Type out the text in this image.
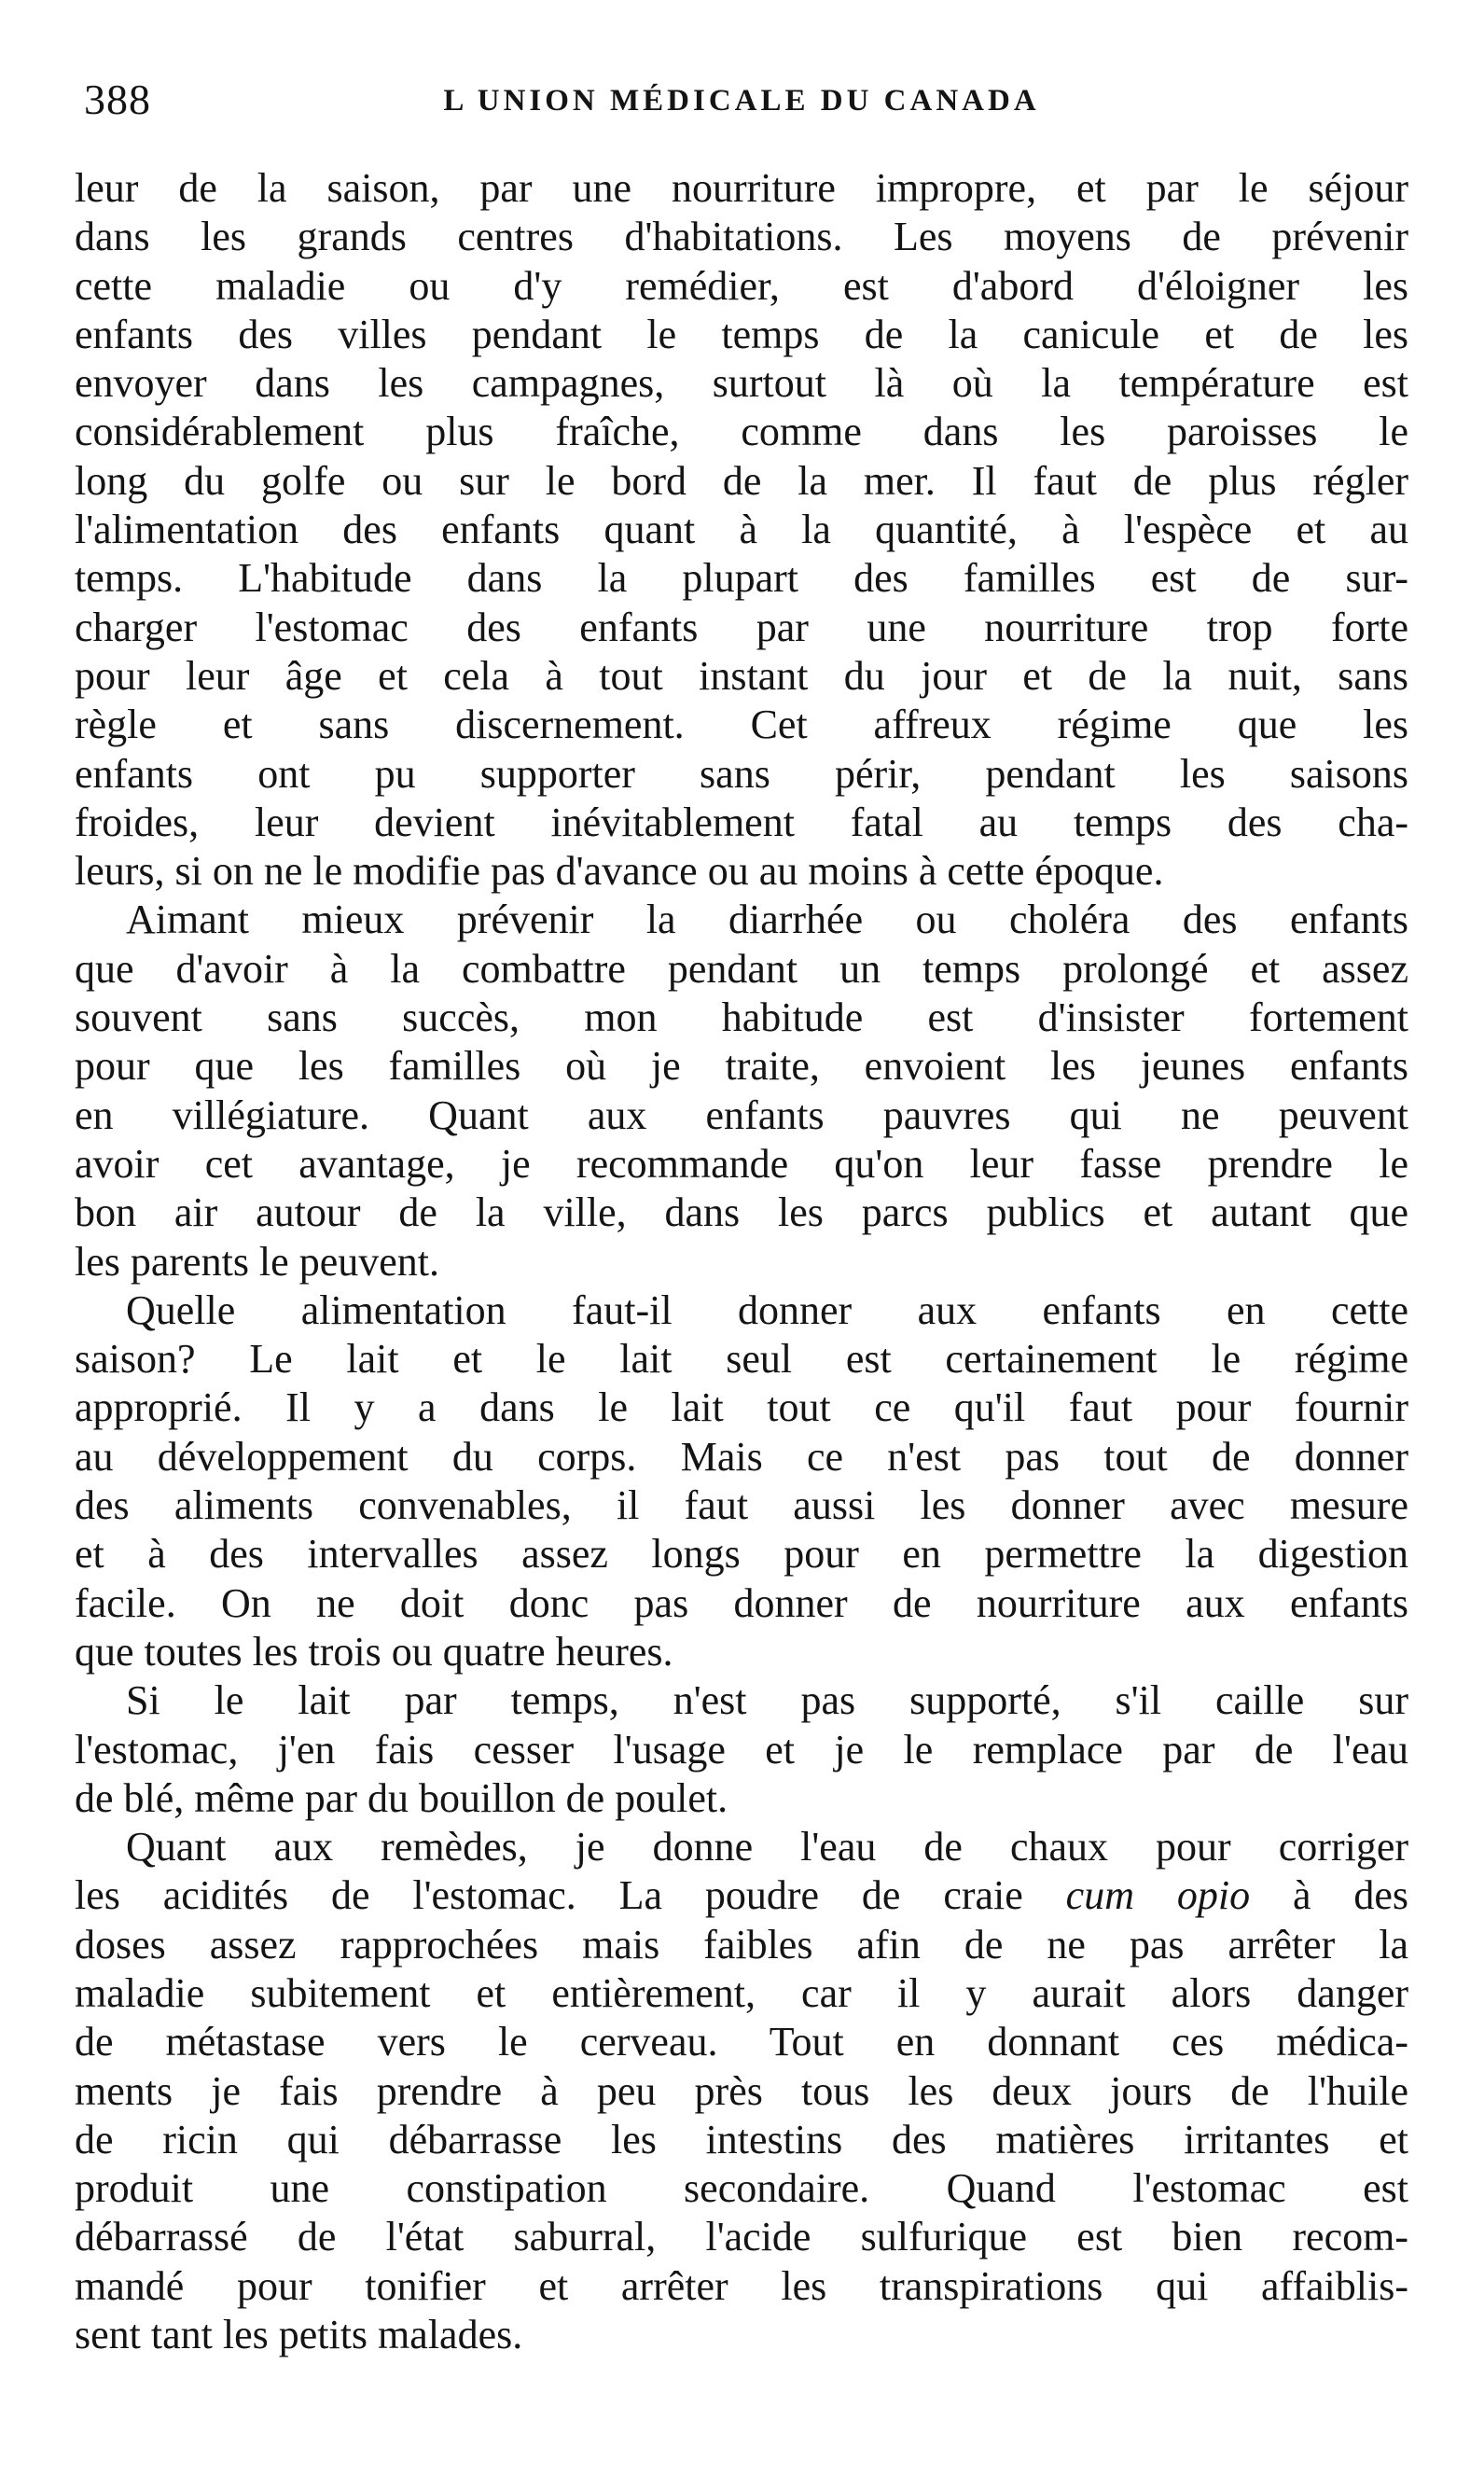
388	L UNION MÉDICALE DU CANADA
leur de la saison, par une nourriture impropre, et par le séjour
dans les grands centres d'habitations. Les moyens de prévenir
cette maladie ou d'y remédier, est d'abord d'éloigner les
enfants des villes pendant le temps de la canicule et de les
envoyer dans les campagnes, surtout là où la température est
considérablement plus fraîche, comme dans les paroisses le
long du golfe ou sur le bord de la mer. Il faut de plus régler
l'alimentation des enfants quant à la quantité, à l'espèce et au
temps. L'habitude dans la plupart des familles est de sur-
charger l'estomac des enfants par une nourriture trop forte
pour leur âge et cela à tout instant du jour et de la nuit, sans
règle et sans discernement. Cet affreux régime que les
enfants ont pu supporter sans périr, pendant les saisons
froides, leur devient inévitablement fatal au temps des cha-
leurs, si on ne le modifie pas d'avance ou au moins à cette époque.
Aimant mieux prévenir la diarrhée ou choléra des enfants
que d'avoir à la combattre pendant un temps prolongé et assez
souvent sans succès, mon habitude est d'insister fortement
pour que les familles où je traite, envoient les jeunes enfants
en villégiature. Quant aux enfants pauvres qui ne peuvent
avoir cet avantage, je recommande qu'on leur fasse prendre le
bon air autour de la ville, dans les parcs publics et autant que
les parents le peuvent.
Quelle alimentation faut-il donner aux enfants en cette
saison? Le lait et le lait seul est certainement le régime
approprié. Il y a dans le lait tout ce qu'il faut pour fournir
au développement du corps. Mais ce n'est pas tout de donner
des aliments convenables, il faut aussi les donner avec mesure
et à des intervalles assez longs pour en permettre la digestion
facile. On ne doit donc pas donner de nourriture aux enfants
que toutes les trois ou quatre heures.
Si le lait par temps, n'est pas supporté, s'il caille sur
l'estomac, j'en fais cesser l'usage et je le remplace par de l'eau
de blé, même par du bouillon de poulet.
Quant aux remèdes, je donne l'eau de chaux pour corriger
les acidités de l'estomac. La poudre de craie cum opio à des
doses assez rapprochées mais faibles afin de ne pas arrêter la
maladie subitement et entièrement, car il y aurait alors danger
de métastase vers le cerveau. Tout en donnant ces médica-
ments je fais prendre à peu près tous les deux jours de l'huile
de ricin qui débarrasse les intestins des matières irritantes et
produit une constipation secondaire. Quand l'estomac est
débarrassé de l'état saburral, l'acide sulfurique est bien recom-
mandé pour tonifier et arrêter les transpirations qui affaiblis-
sent tant les petits malades.
